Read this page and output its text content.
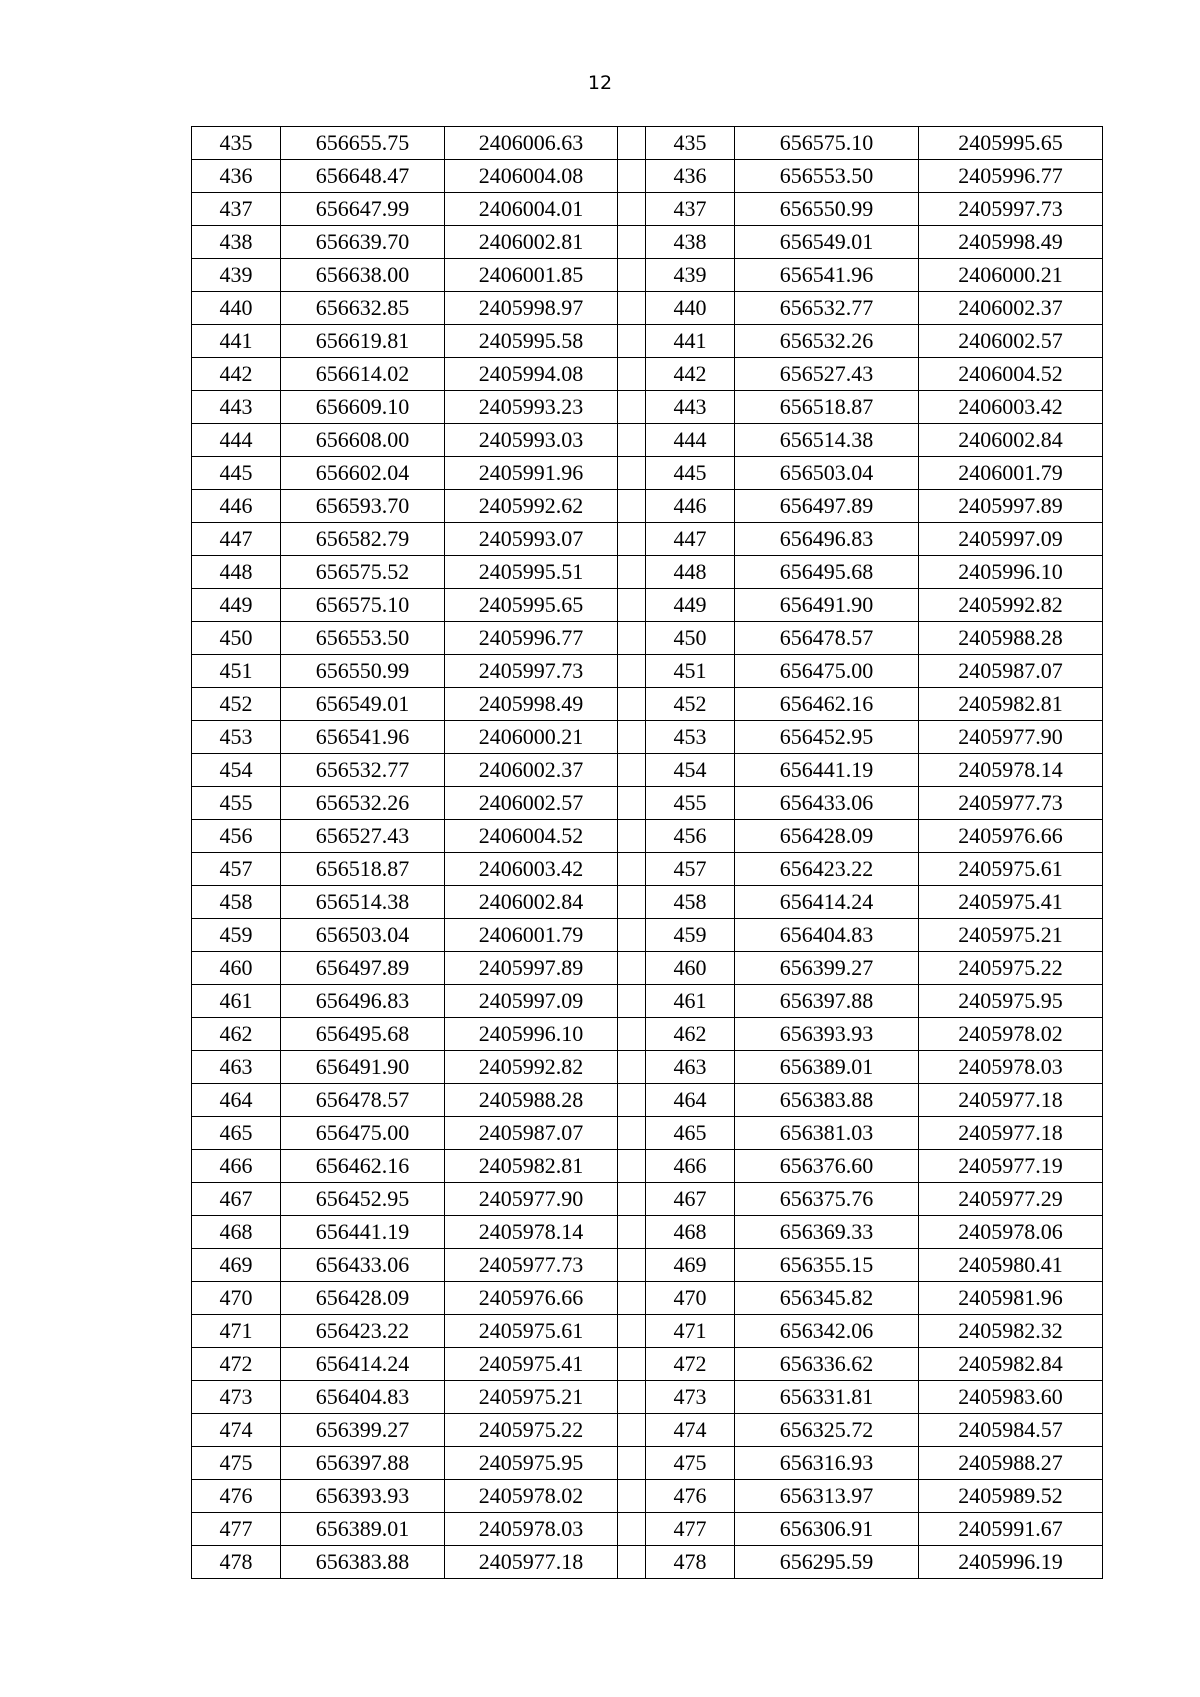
12
435	656655.75	2406006.63		435	656575.10	2405995.65
436	656648.47	2406004.08		436	656553.50	2405996.77
437	656647.99	2406004.01		437	656550.99	2405997.73
438	656639.70	2406002.81		438	656549.01	2405998.49
439	656638.00	2406001.85		439	656541.96	2406000.21
440	656632.85	2405998.97		440	656532.77	2406002.37
441	656619.81	2405995.58		441	656532.26	2406002.57
442	656614.02	2405994.08		442	656527.43	2406004.52
443	656609.10	2405993.23		443	656518.87	2406003.42
444	656608.00	2405993.03		444	656514.38	2406002.84
445	656602.04	2405991.96		445	656503.04	2406001.79
446	656593.70	2405992.62		446	656497.89	2405997.89
447	656582.79	2405993.07		447	656496.83	2405997.09
448	656575.52	2405995.51		448	656495.68	2405996.10
449	656575.10	2405995.65		449	656491.90	2405992.82
450	656553.50	2405996.77		450	656478.57	2405988.28
451	656550.99	2405997.73		451	656475.00	2405987.07
452	656549.01	2405998.49		452	656462.16	2405982.81
453	656541.96	2406000.21		453	656452.95	2405977.90
454	656532.77	2406002.37		454	656441.19	2405978.14
455	656532.26	2406002.57		455	656433.06	2405977.73
456	656527.43	2406004.52		456	656428.09	2405976.66
457	656518.87	2406003.42		457	656423.22	2405975.61
458	656514.38	2406002.84		458	656414.24	2405975.41
459	656503.04	2406001.79		459	656404.83	2405975.21
460	656497.89	2405997.89		460	656399.27	2405975.22
461	656496.83	2405997.09		461	656397.88	2405975.95
462	656495.68	2405996.10		462	656393.93	2405978.02
463	656491.90	2405992.82		463	656389.01	2405978.03
464	656478.57	2405988.28		464	656383.88	2405977.18
465	656475.00	2405987.07		465	656381.03	2405977.18
466	656462.16	2405982.81		466	656376.60	2405977.19
467	656452.95	2405977.90		467	656375.76	2405977.29
468	656441.19	2405978.14		468	656369.33	2405978.06
469	656433.06	2405977.73		469	656355.15	2405980.41
470	656428.09	2405976.66		470	656345.82	2405981.96
471	656423.22	2405975.61		471	656342.06	2405982.32
472	656414.24	2405975.41		472	656336.62	2405982.84
473	656404.83	2405975.21		473	656331.81	2405983.60
474	656399.27	2405975.22		474	656325.72	2405984.57
475	656397.88	2405975.95		475	656316.93	2405988.27
476	656393.93	2405978.02		476	656313.97	2405989.52
477	656389.01	2405978.03		477	656306.91	2405991.67
478	656383.88	2405977.18		478	656295.59	2405996.19
